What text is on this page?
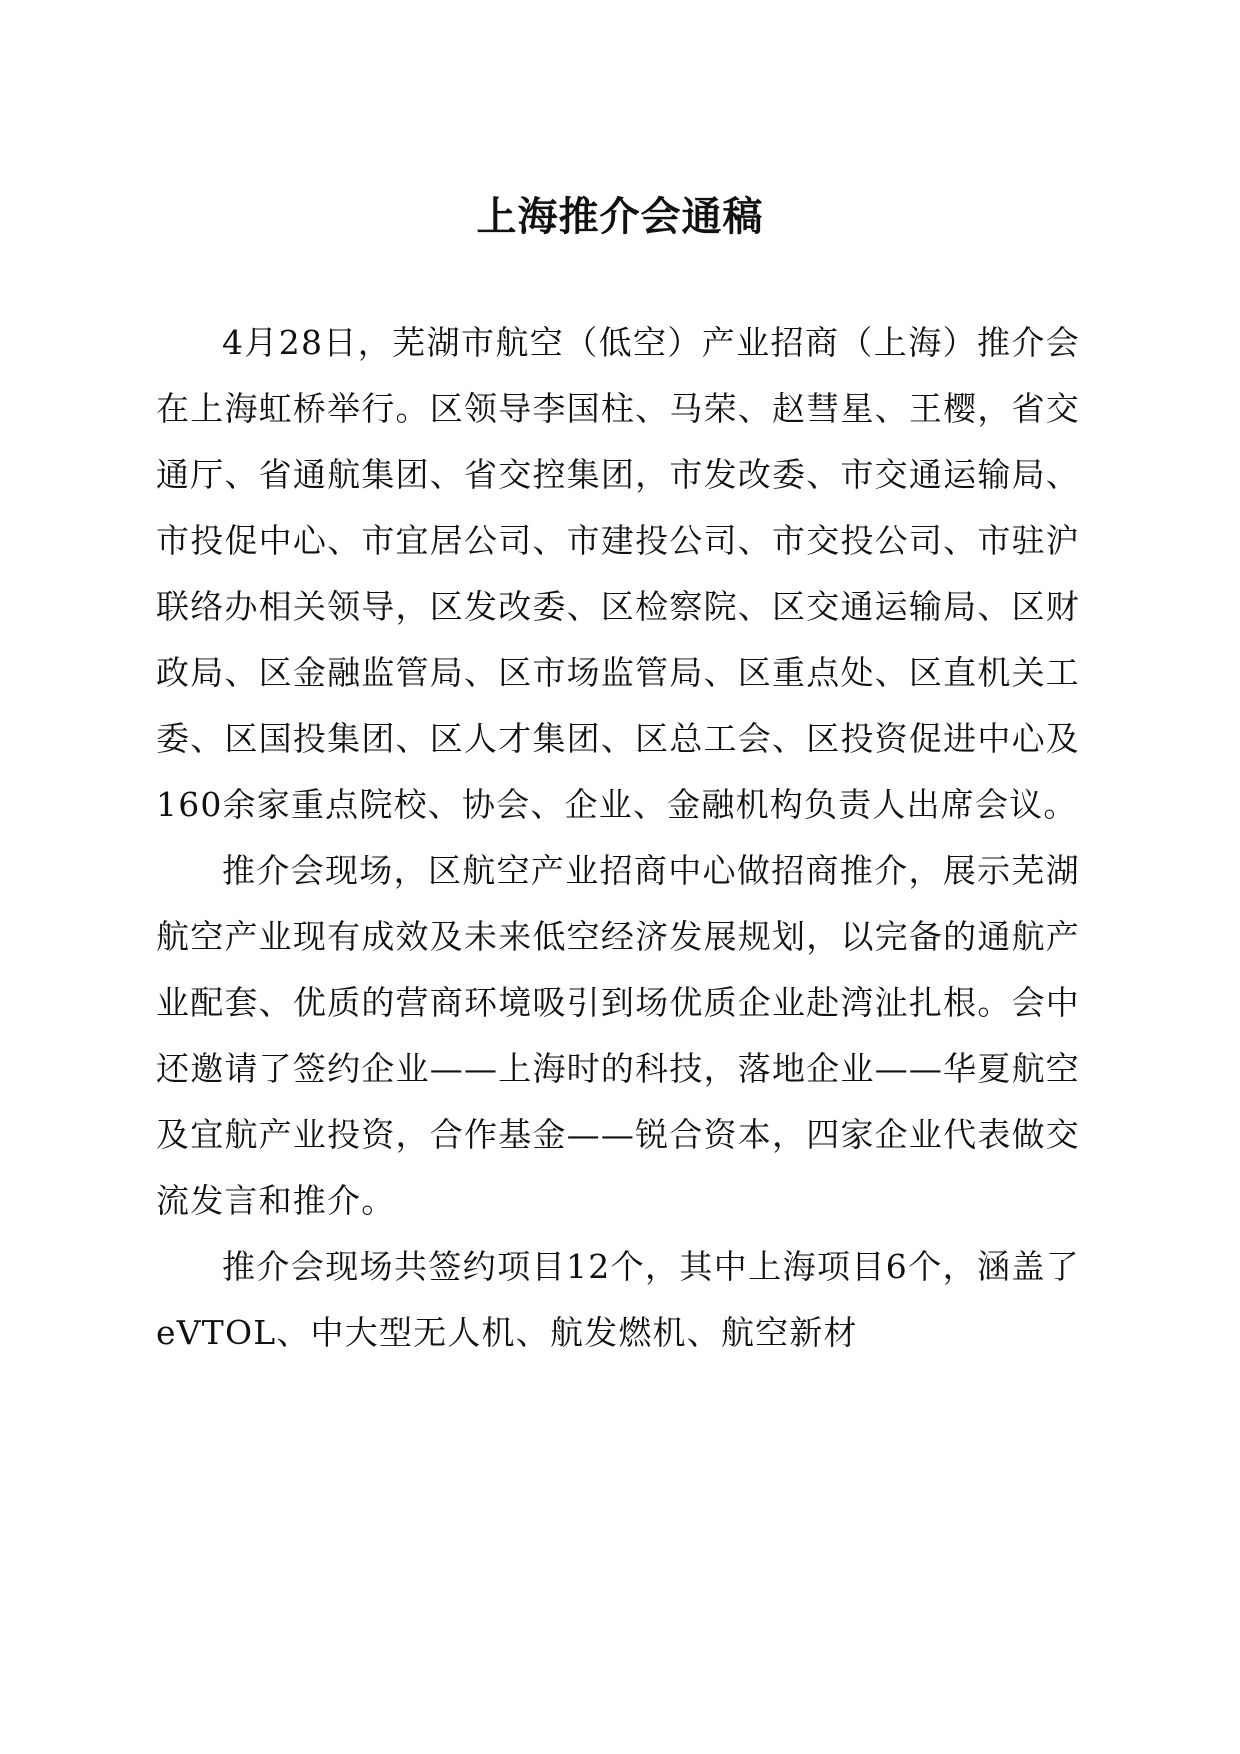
上海推介会通稿

4月28日，芜湖市航空（低空）产业招商（上海）推介会在上海虹桥举行。区领导李国柱、马荣、赵彗星、王樱，省交通厅、省通航集团、省交控集团，市发改委、市交通运输局、市投促中心、市宜居公司、市建投公司、市交投公司、市驻沪联络办相关领导，区发改委、区检察院、区交通运输局、区财政局、区金融监管局、区市场监管局、区重点处、区直机关工委、区国投集团、区人才集团、区总工会、区投资促进中心及160余家重点院校、协会、企业、金融机构负责人出席会议。

推介会现场，区航空产业招商中心做招商推介，展示芜湖航空产业现有成效及未来低空经济发展规划，以完备的通航产业配套、优质的营商环境吸引到场优质企业赴湾沚扎根。会中还邀请了签约企业——上海时的科技，落地企业——华夏航空及宜航产业投资，合作基金——锐合资本，四家企业代表做交流发言和推介。

推介会现场共签约项目12个，其中上海项目6个，涵盖了eVTOL、中大型无人机、航发燃机、航空新材
